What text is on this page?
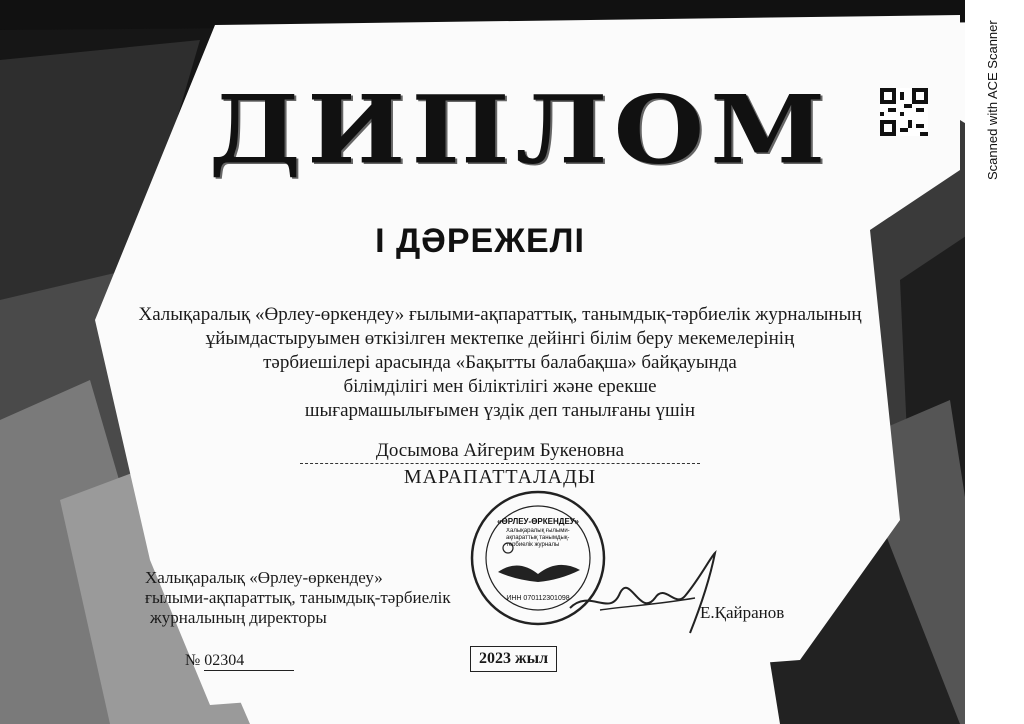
ДИПЛОМ
І ДӘРЕЖЕЛІ
Халықаралық «Өрлеу-өркендеу» ғылыми-ақпараттық, танымдық-тәрбиелік журналының
ұйымдастыруымен өткізілген мектепке дейінгі білім беру мекемелерінің
тәрбиешілері арасында «Бақытты балабақша» байқауында
білімділігі мен біліктілігі және ерекше
шығармашылығымен үздік деп танылғаны үшін
Досымова Айгерим Букеновна
МАРАПАТТАЛАДЫ
«ӨРЛЕУ-ӨРКЕНДЕУ»
Халықаралық ғылыми-ақпараттық танымдық-тәрбиелік журналы
ИНН 070112301098
Халықаралық «Өрлеу-өркендеу»
ғылыми-ақпараттық, танымдық-тәрбиелік
журналының директоры	Е.Қайранов
№ 02304	2023 жыл
Scanned with ACE Scanner
